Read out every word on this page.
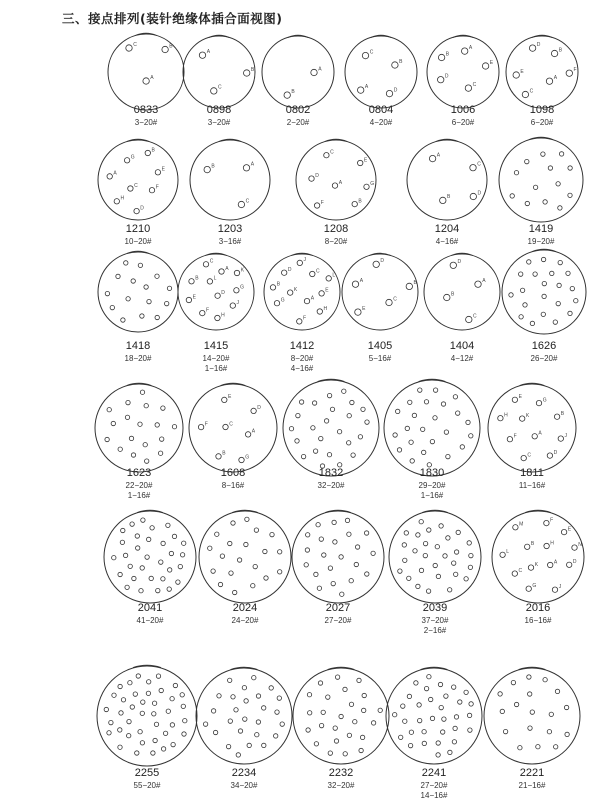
三、接点排列(装针绝缘体插合面视图)
A
B
C
0833
3−20#
A
B
C
0898
3−20#
A
B
0802
2−20#
A
B
C
D
0804
4−20#
A
B
C
D
E
1006
6−20#
A
B
C
D
E	F
1098
6−20#
A
B
C
D
E
F
G
H
1210
10−20#
A
B
C
1203
3−16#
A
B
C
D
E
F
G
1208
8−20#
A
B
C
D
1204
4−16#
1419
19−20#
1418
18−20#
A
B
C
D
E
F
G
H
J
K
L
1415
14−20#
1−16#
A
B
C
D
E
F
G
H
J
K
L
1412
8−20#
4−16#
A	B
C
D
E
1405
5−16#
A
B
C
D
1404
4−12#
1626
26−20#
1623
22−20#
1−16#
A
B
C
D
E
F
G
1608
8−16#
1832
32−20#
1830
29−20#
1−16#
A
B
C	D
E
F
G
H
J
K
1811
11−16#
2041
41−20#
2024
24−20#
2027
27−20#
2039
37−20#
2−16#
A
B
C
D
E
F
G
H
J
K
L
M
N
2016
16−16#
2255
55−20#
2234
34−20#
2232
32−20#
2241
27−20#
14−16#
2221
21−16#
